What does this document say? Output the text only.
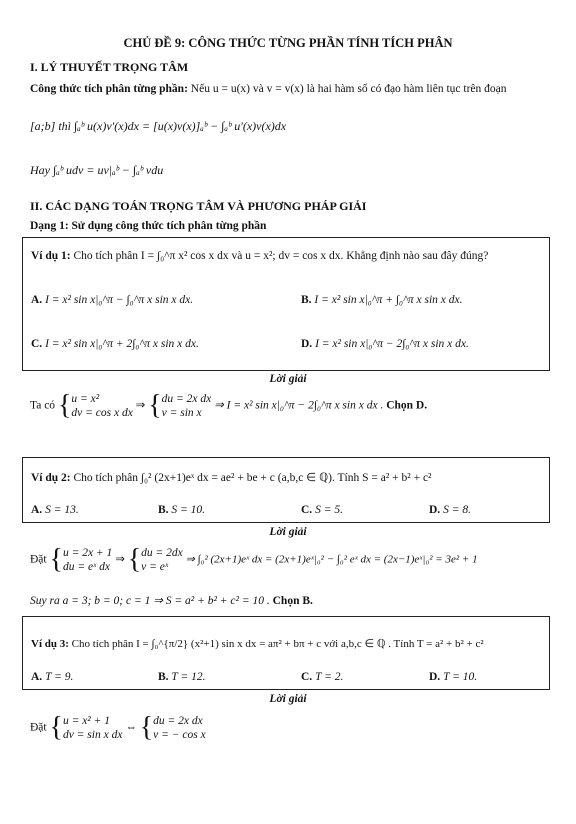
CHỦ ĐỀ 9: CÔNG THỨC TỪNG PHẦN TÍNH TÍCH PHÂN
I. LÝ THUYẾT TRỌNG TÂM
Công thức tích phân từng phần: Nếu u = u(x) và v = v(x) là hai hàm số có đạo hàm liên tục trên đoạn
[a;b] thì ∫ₐᵇ u(x)v′(x)dx = [u(x)v(x)]ₐᵇ − ∫ₐᵇ u′(x)v(x)dx
Hay ∫ₐᵇ udv = uv|ₐᵇ − ∫ₐᵇ vdu
II. CÁC DẠNG TOÁN TRỌNG TÂM VÀ PHƯƠNG PHÁP GIẢI
Dạng 1: Sử dụng công thức tích phân từng phần
Ví dụ 1: Cho tích phân I = ∫₀^π x² cos x dx và u = x²; dv = cos x dx. Khẳng định nào sau đây đúng?
A. I = x² sin x|₀^π − ∫₀^π x sin x dx.	B. I = x² sin x|₀^π + ∫₀^π x sin x dx.
C. I = x² sin x|₀^π + 2∫₀^π x sin x dx.	D. I = x² sin x|₀^π − 2∫₀^π x sin x dx.
Lời giải
Ta có {u = x²
dv = cos x dx ⇒ {du = 2x dx
v = sin x ⇒ I = x² sin x|₀^π − 2∫₀^π x sin x dx . Chọn D.
Ví dụ 2: Cho tích phân ∫₀² (2x+1)eˣ dx = ae² + be + c (a,b,c ∈ ℚ). Tính S = a² + b² + c²
A. S = 13.	B. S = 10.	C. S = 5.	D. S = 8.
Lời giải
Đặt {u = 2x + 1
du = eˣ dx ⇒ {du = 2dx
v = eˣ ⇒ ∫₀² (2x+1)eˣ dx = (2x+1)eˣ|₀² − ∫₀² eˣ dx = (2x−1)eˣ|₀² = 3e² + 1
Suy ra a = 3; b = 0; c = 1 ⇒ S = a² + b² + c² = 10 . Chọn B.
Ví dụ 3: Cho tích phân I = ∫₀^{π/2} (x²+1) sin x dx = aπ² + bπ + c với a,b,c ∈ ℚ . Tính T = a² + b² + c²
A. T = 9.	B. T = 12.	C. T = 2.	D. T = 10.
Lời giải
Đặt {u = x² + 1
dv = sin x dx ⇔ {du = 2x dx
v = − cos x
